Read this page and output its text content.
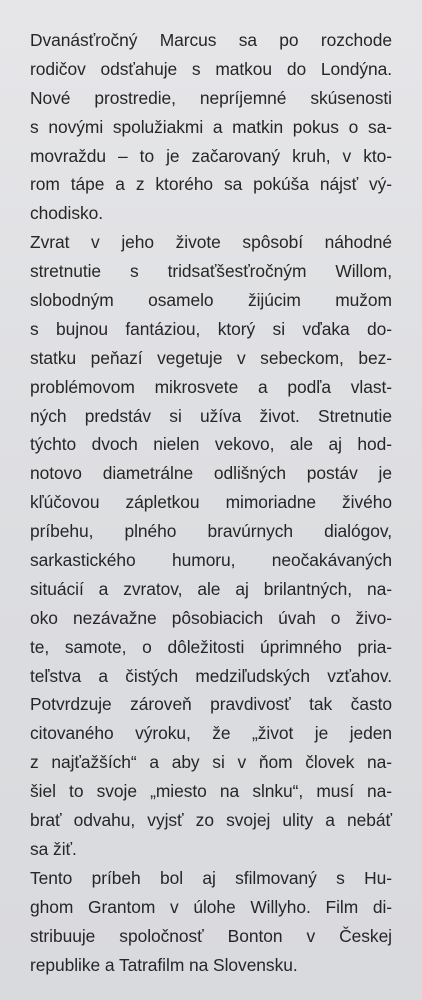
Dvanásťročný Marcus sa po rozchode
rodičov odsťahuje s matkou do Londýna.
Nové prostredie, nepríjemné skúsenosti
s novými spolužiakmi a matkin pokus o sa-
movraždu – to je začarovaný kruh, v kto-
rom tápe a z ktorého sa pokúša nájsť vý-
chodisko.

Zvrat v jeho živote spôsobí náhodné
stretnutie s tridsaťšesťročným Willom,
slobodným osamelo žijúcim mužom
s bujnou fantáziou, ktorý si vďaka do-
statku peňazí vegetuje v sebeckom, bez-
problémovom mikrosvete a podľa vlast-
ných predstáv si užíva život. Stretnutie
týchto dvoch nielen vekovo, ale aj hod-
notovo diametrálne odlišných postáv je
kľúčovou zápletkou mimoriadne živého
príbehu, plného bravúrnych dialógov,
sarkastického humoru, neočakávaných
situácií a zvratov, ale aj brilantných, na-
oko nezávažne pôsobiacich úvah o živo-
te, samote, o dôležitosti úprimného pria-
teľstva a čistých medziľudských vzťahov.
Potvrdzuje zároveň pravdivosť tak často
citovaného výroku, že „život je jeden
z najťažších“ a aby si v ňom človek na-
šiel to svoje „miesto na slnku“, musí na-
brať odvahu, vyjsť zo svojej ulity a nebáť
sa žiť.

Tento príbeh bol aj sfilmovaný s Hu-
ghom Grantom v úlohe Willyho. Film di-
stribuuje spoločnosť Bonton v Českej
republike a Tatrafilm na Slovensku.
